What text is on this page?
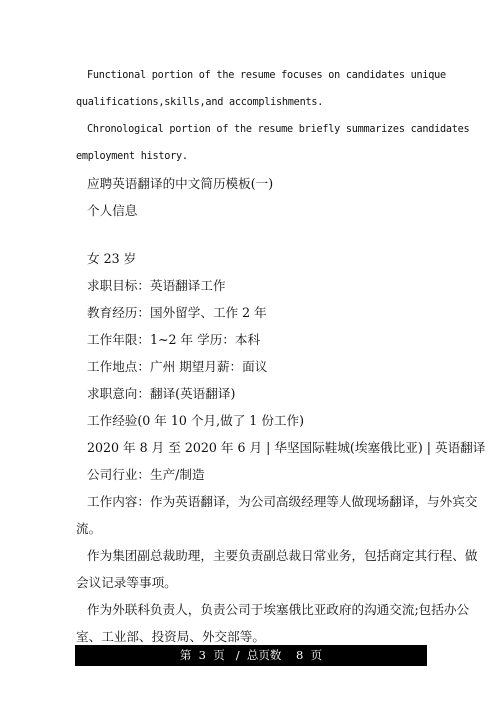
Functional portion of the resume focuses on candidates unique

qualifications,skills,and accomplishments.

Chronological portion of the resume briefly summarizes candidates

employment history.

应聘英语翻译的中文简历模板(一)

个人信息

女 23 岁

求职目标：英语翻译工作

教育经历：国外留学、工作 2 年

工作年限：1~2 年 学历：本科

工作地点：广州 期望月薪：面议

求职意向：翻译(英语翻译)

工作经验(0 年 10 个月,做了 1 份工作)

2020 年 8 月 至 2020 年 6 月 | 华坚国际鞋城(埃塞俄比亚) | 英语翻译

公司行业：生产/制造

工作内容：作为英语翻译，为公司高级经理等人做现场翻译，与外宾交

流。

作为集团副总裁助理，主要负责副总裁日常业务，包括商定其行程、做

会议记录等事项。

作为外联科负责人，负责公司于埃塞俄比亚政府的沟通交流;包括办公

室、工业部、投资局、外交部等。

第  3  页   /  总页数    8  页
